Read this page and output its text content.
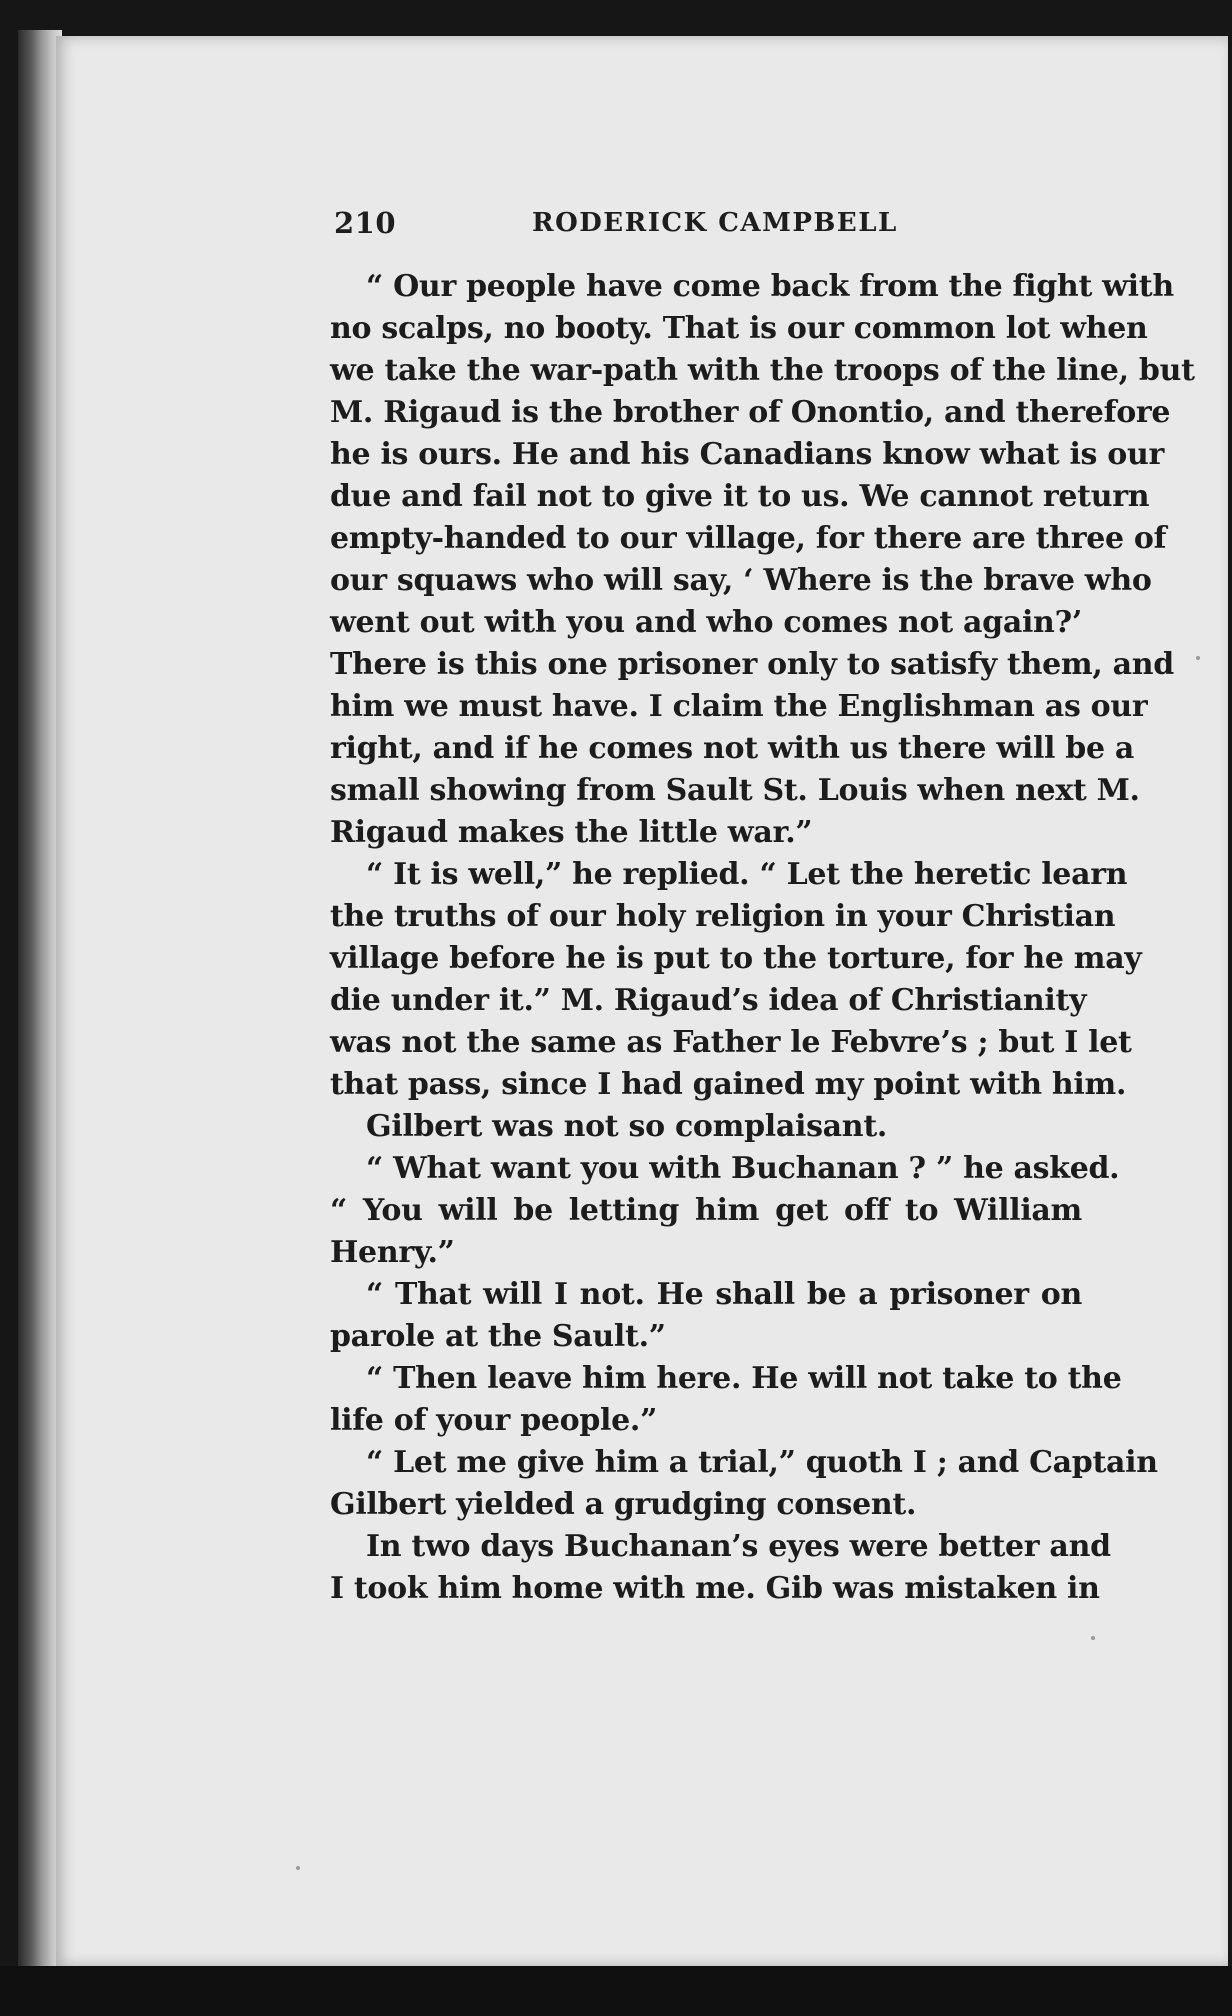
210	RODERICK CAMPBELL
“ Our people have come back from the fight with
no scalps, no booty. That is our common lot when
we take the war-path with the troops of the line, but
M. Rigaud is the brother of Onontio, and therefore
he is ours. He and his Canadians know what is our
due and fail not to give it to us. We cannot return
empty-handed to our village, for there are three of
our squaws who will say, ‘ Where is the brave who
went out with you and who comes not again?’
There is this one prisoner only to satisfy them, and
him we must have. I claim the Englishman as our
right, and if he comes not with us there will be a
small showing from Sault St. Louis when next M.
Rigaud makes the little war.”
“ It is well,” he replied. “ Let the heretic learn
the truths of our holy religion in your Christian
village before he is put to the torture, for he may
die under it.” M. Rigaud’s idea of Christianity
was not the same as Father le Febvre’s ; but I let
that pass, since I had gained my point with him.
Gilbert was not so complaisant.
“ What want you with Buchanan ? ” he asked.
“ You will be letting him get off to William
Henry.”
“ That will I not. He shall be a prisoner on
parole at the Sault.”
“ Then leave him here. He will not take to the
life of your people.”
“ Let me give him a trial,” quoth I ; and Captain
Gilbert yielded a grudging consent.
In two days Buchanan’s eyes were better and
I took him home with me. Gib was mistaken in
